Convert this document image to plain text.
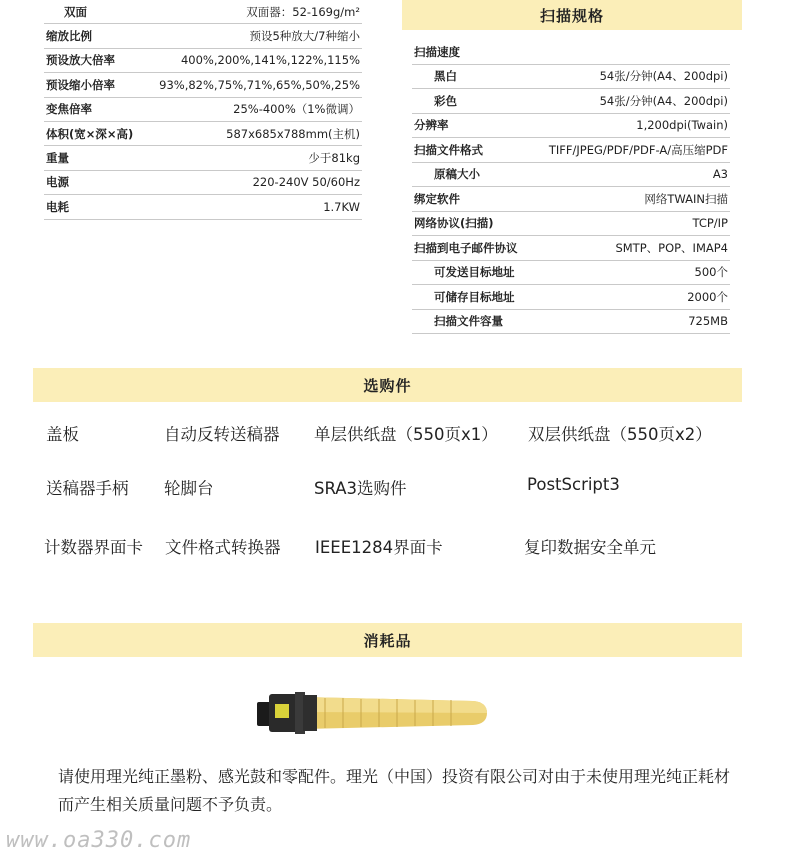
双面	双面器：52-169g/m²
缩放比例	预设5种放大/7种缩小
预设放大倍率	400%,200%,141%,122%,115%
预设缩小倍率	93%,82%,75%,71%,65%,50%,25%
变焦倍率	25%-400%（1%微调）
体积(宽×深×高)	587x685x788mm(主机)
重量	少于81kg
电源	220-240V 50/60Hz
电耗	1.7KW
扫描规格
扫描速度
黑白	54张/分钟(A4、200dpi)
彩色	54张/分钟(A4、200dpi)
分辨率	1,200dpi(Twain)
扫描文件格式	TIFF/JPEG/PDF/PDF-A/高压缩PDF
原稿大小	A3
绑定软件	网络TWAIN扫描
网络协议(扫描)	TCP/IP
扫描到电子邮件协议	SMTP、POP、IMAP4
可发送目标地址	500个
可储存目标地址	2000个
扫描文件容量	725MB
选购件
盖板	自动反转送稿器 单层供纸盘（550页x1） 双层供纸盘（550页x2）
送稿器手柄 轮脚台	SRA3选购件	PostScript3
计数器界面卡 文件格式转换器 IEEE1284界面卡	复印数据安全单元
消耗品
请使用理光纯正墨粉、感光鼓和零配件。理光（中国）投资有限公司对由于未使用理光纯正耗材而产生相关质量问题不予负责。
www.oa330.com
